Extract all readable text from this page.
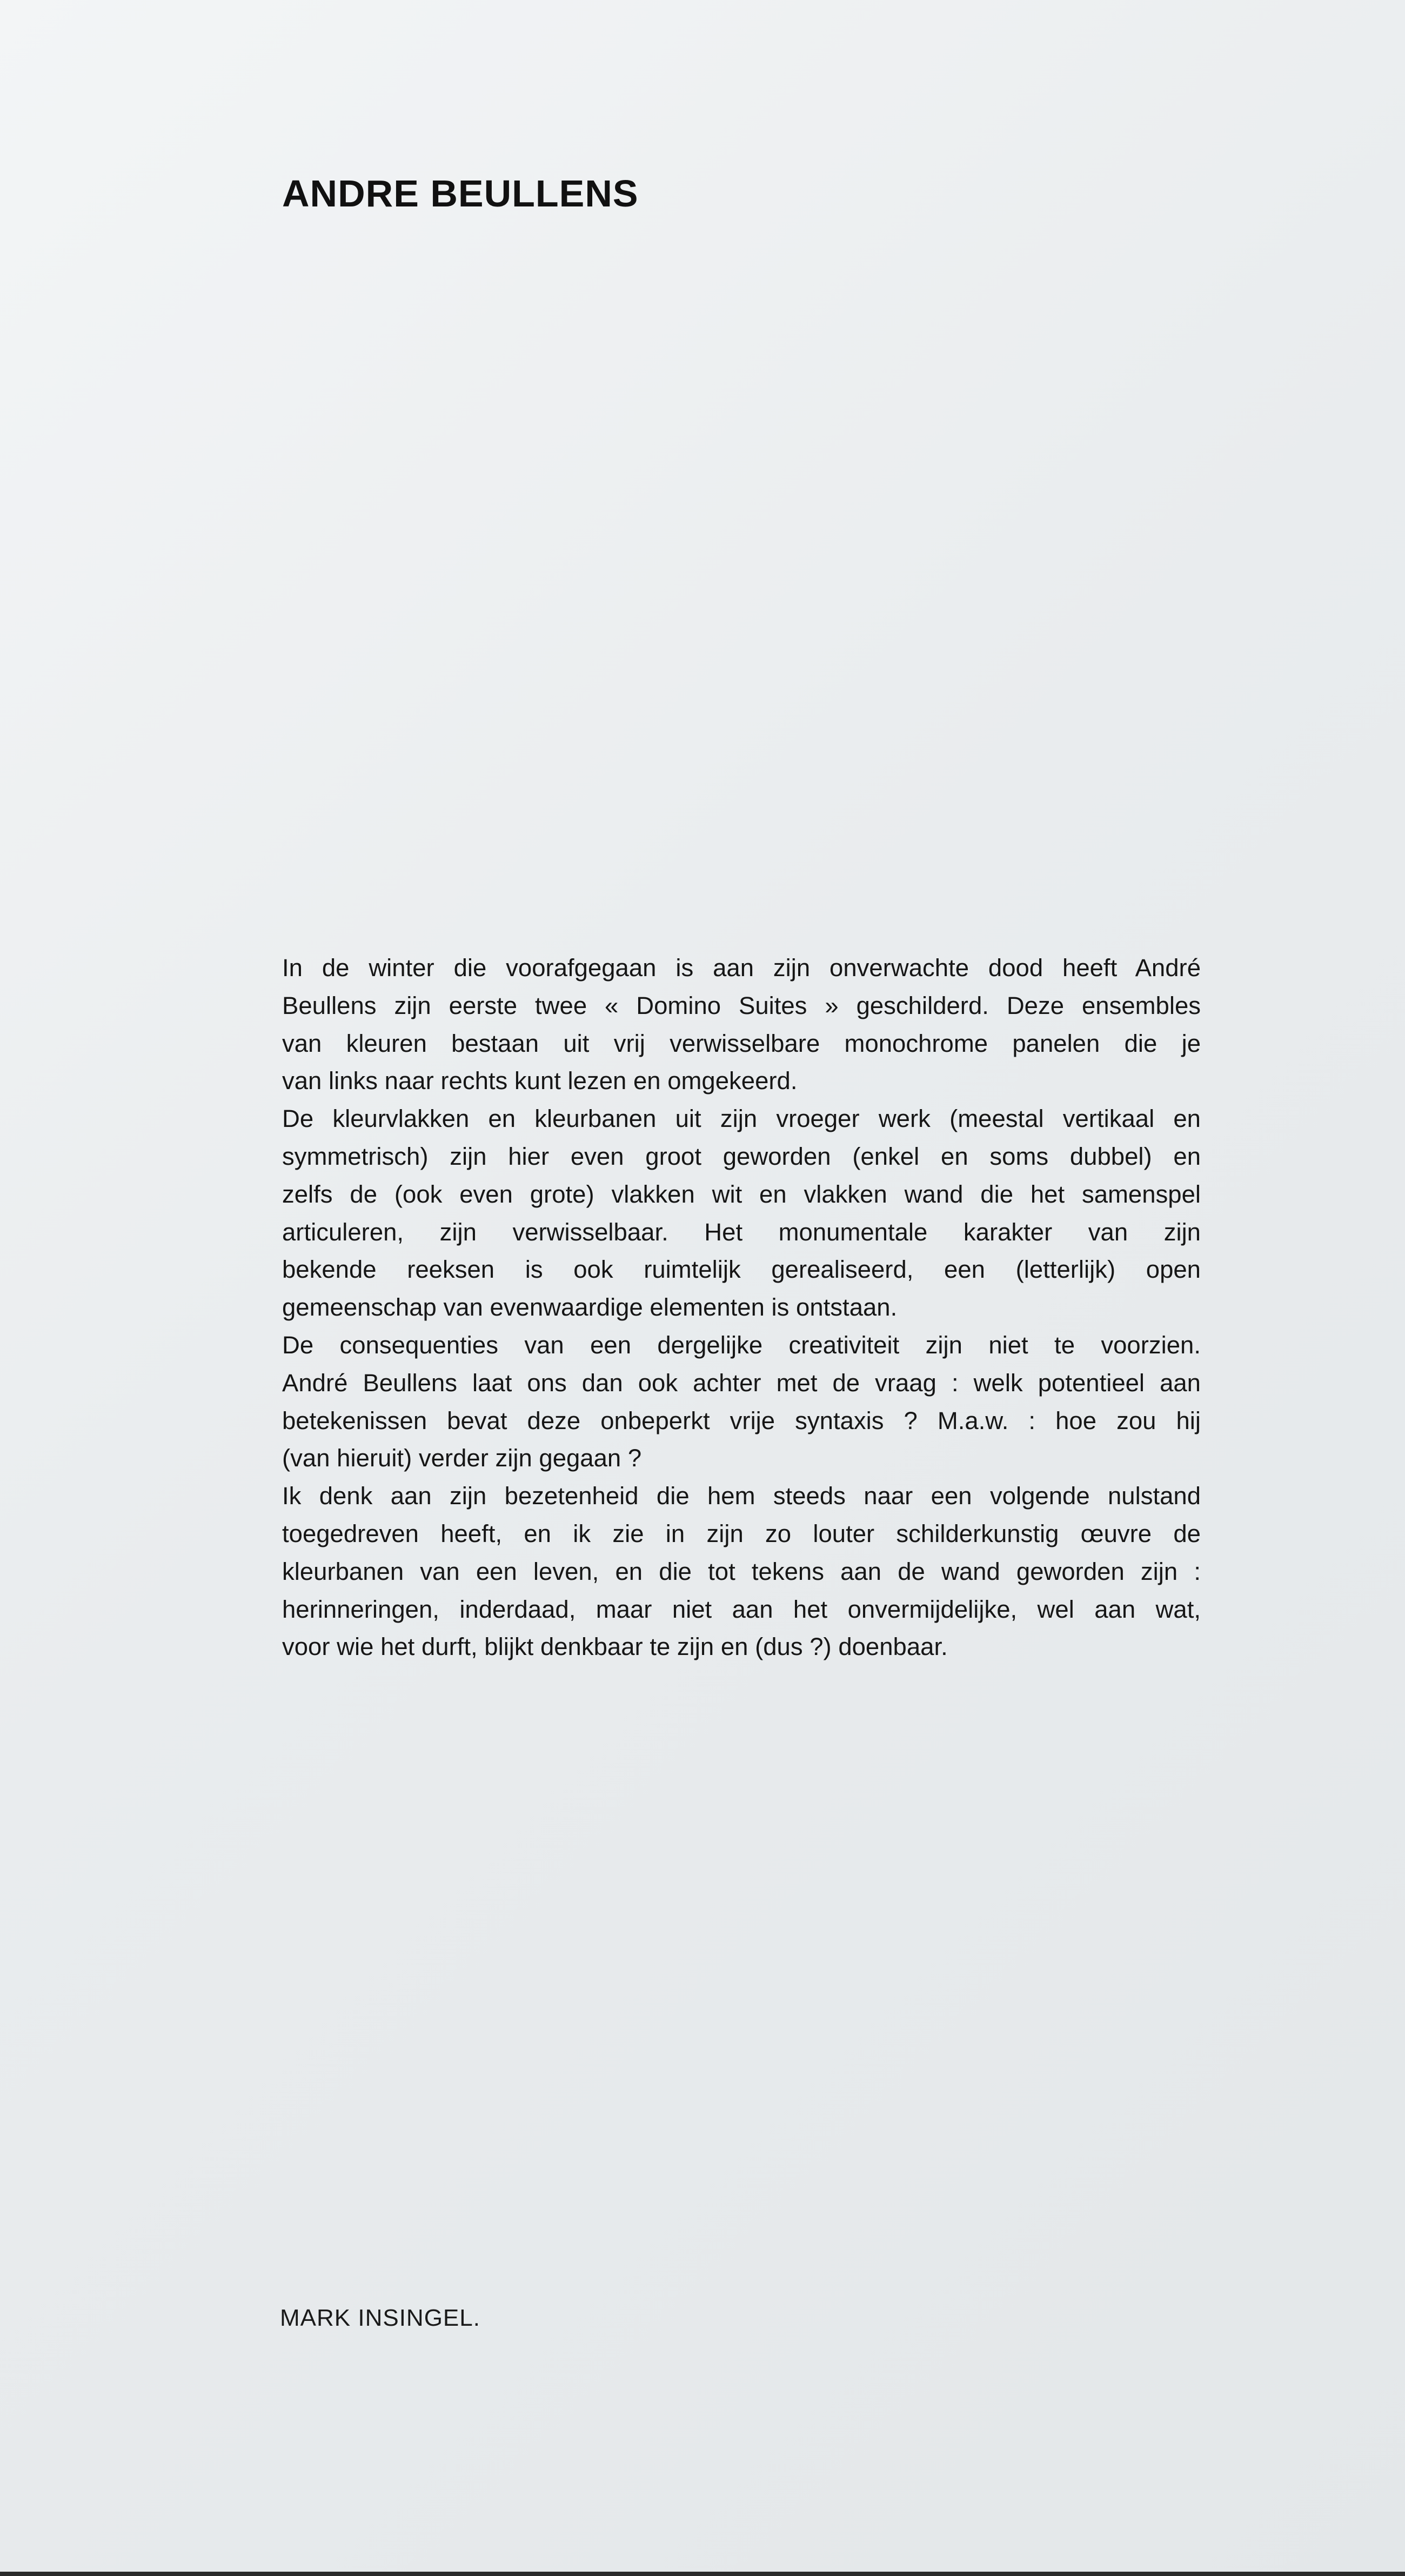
ANDRE BEULLENS
In de winter die voorafgegaan is aan zijn onverwachte dood heeft André
Beullens zijn eerste twee « Domino Suites » geschilderd. Deze ensembles
van kleuren bestaan uit vrij verwisselbare monochrome panelen die je
van links naar rechts kunt lezen en omgekeerd.
De kleurvlakken en kleurbanen uit zijn vroeger werk (meestal vertikaal en
symmetrisch) zijn hier even groot geworden (enkel en soms dubbel) en
zelfs de (ook even grote) vlakken wit en vlakken wand die het samenspel
articuleren, zijn verwisselbaar. Het monumentale karakter van zijn
bekende reeksen is ook ruimtelijk gerealiseerd, een (letterlijk) open
gemeenschap van evenwaardige elementen is ontstaan.
De consequenties van een dergelijke creativiteit zijn niet te voorzien.
André Beullens laat ons dan ook achter met de vraag : welk potentieel aan
betekenissen bevat deze onbeperkt vrije syntaxis ? M.a.w. : hoe zou hij
(van hieruit) verder zijn gegaan ?
Ik denk aan zijn bezetenheid die hem steeds naar een volgende nulstand
toegedreven heeft, en ik zie in zijn zo louter schilderkunstig œuvre de
kleurbanen van een leven, en die tot tekens aan de wand geworden zijn :
herinneringen, inderdaad, maar niet aan het onvermijdelijke, wel aan wat,
voor wie het durft, blijkt denkbaar te zijn en (dus ?) doenbaar.

MARK INSINGEL.
